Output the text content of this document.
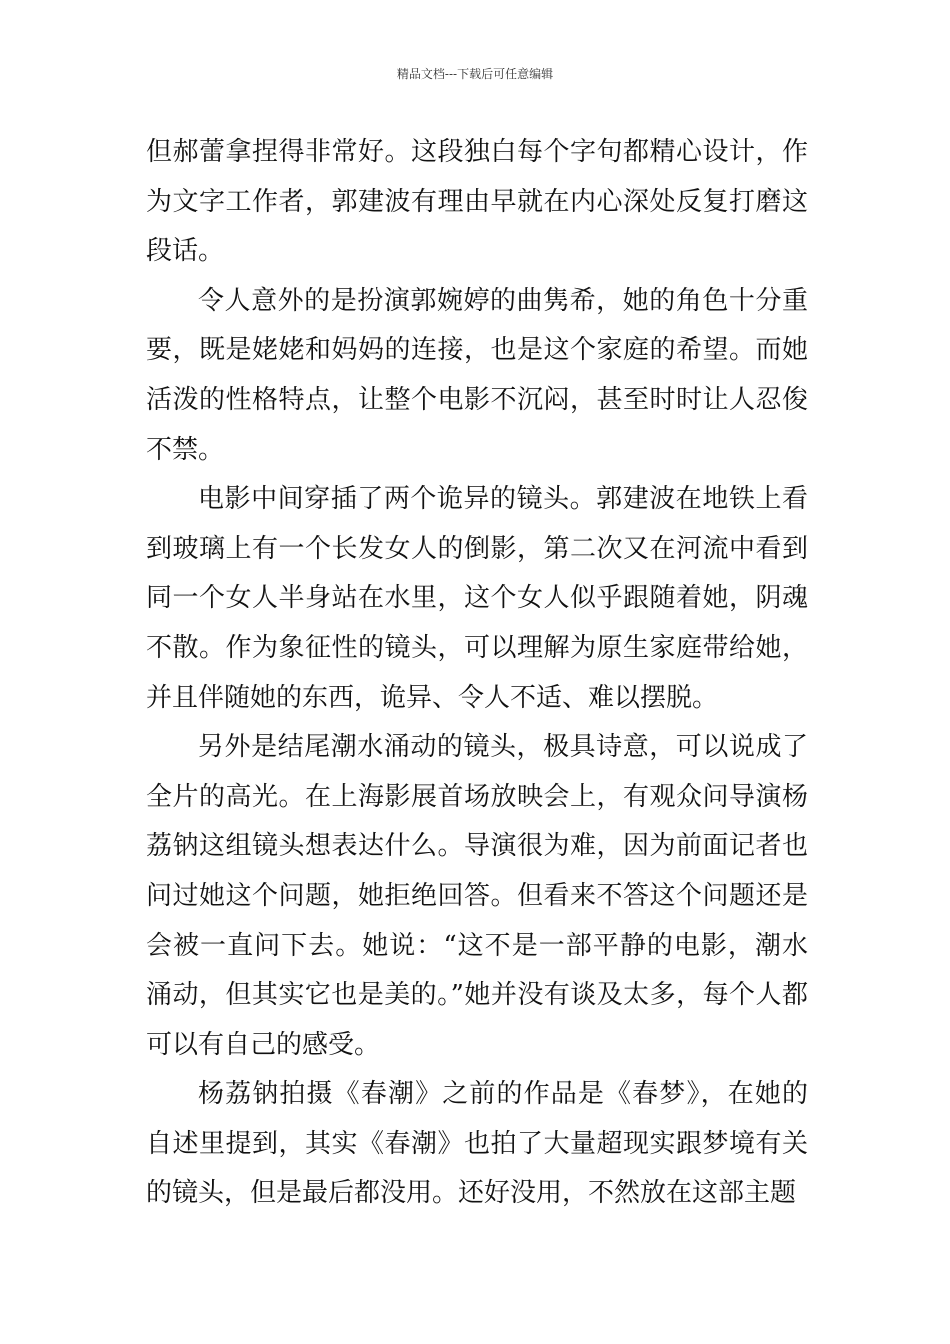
精品文档---下载后可任意编辑

但郝蕾拿捏得非常好。这段独白每个字句都精心设计，作为文字工作者，郭建波有理由早就在内心深处反复打磨这段话。

令人意外的是扮演郭婉婷的曲隽希，她的角色十分重要，既是姥姥和妈妈的连接，也是这个家庭的希望。而她活泼的性格特点，让整个电影不沉闷，甚至时时让人忍俊不禁。

电影中间穿插了两个诡异的镜头。郭建波在地铁上看到玻璃上有一个长发女人的倒影，第二次又在河流中看到同一个女人半身站在水里，这个女人似乎跟随着她，阴魂不散。作为象征性的镜头，可以理解为原生家庭带给她，并且伴随她的东西，诡异、令人不适、难以摆脱。

另外是结尾潮水涌动的镜头，极具诗意，可以说成了全片的高光。在上海影展首场放映会上，有观众问导演杨荔钠这组镜头想表达什么。导演很为难，因为前面记者也问过她这个问题，她拒绝回答。但看来不答这个问题还是会被一直问下去。她说：“这不是一部平静的电影，潮水涌动，但其实它也是美的。”她并没有谈及太多，每个人都可以有自己的感受。

杨荔钠拍摄《春潮》之前的作品是《春梦》，在她的自述里提到，其实《春潮》也拍了大量超现实跟梦境有关的镜头，但是最后都没用。还好没用，不然放在这部主题
